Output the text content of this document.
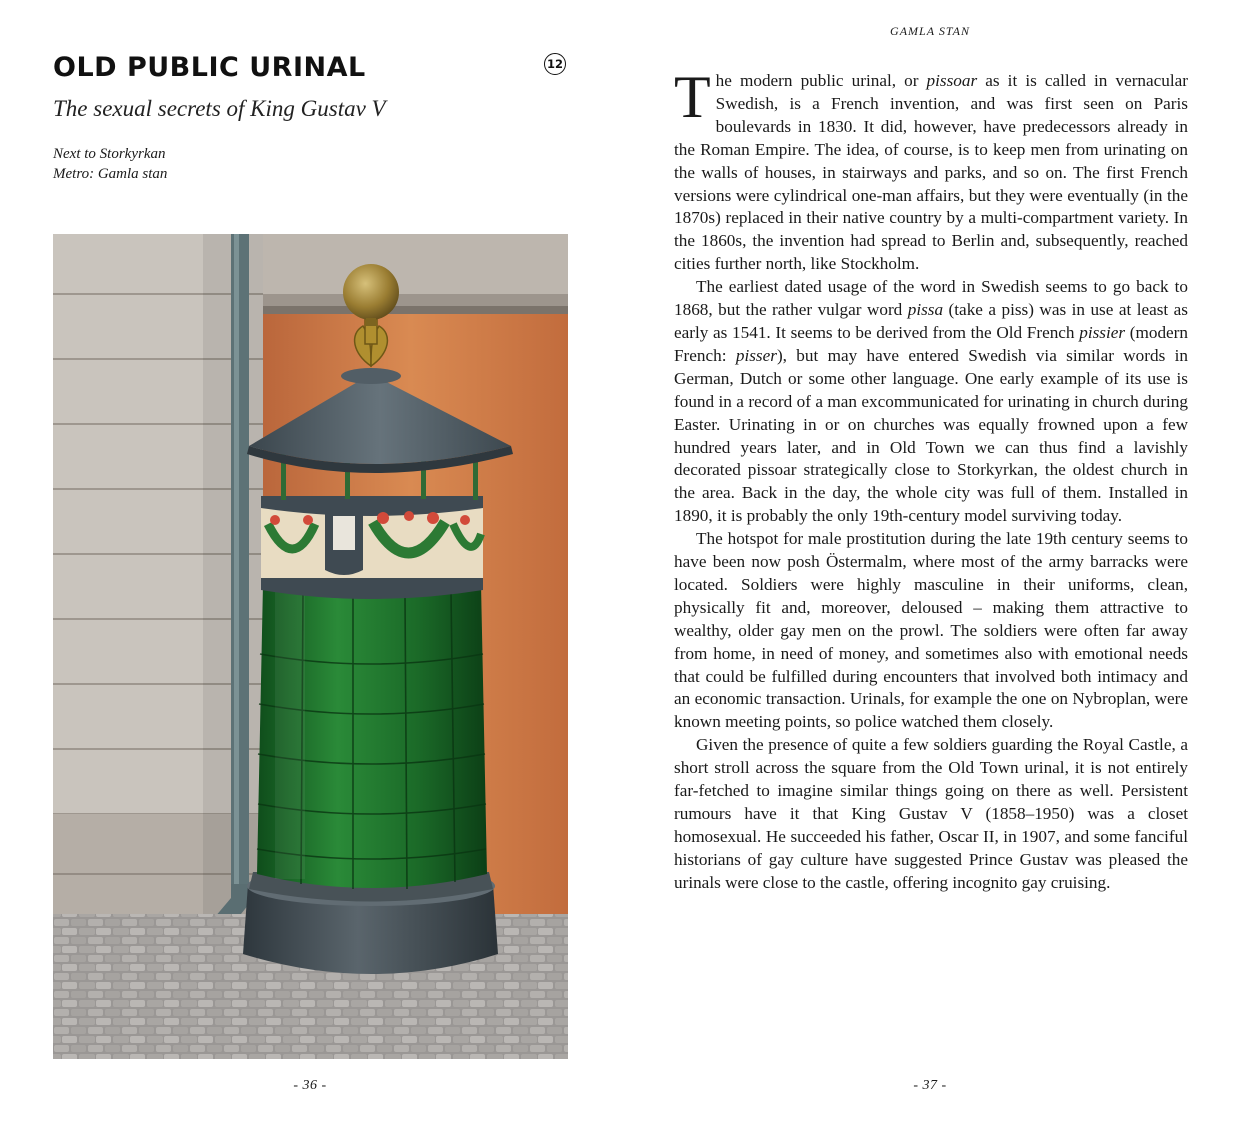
OLD PUBLIC URINAL	12
The sexual secrets of King Gustav V
Next to Storkyrkan
Metro: Gamla stan
- 36 -
GAMLA STAN

The modern public urinal, or pissoar as it is called in vernacular Swedish, is a French invention, and was first seen on Paris boulevards in 1830. It did, however, have predecessors already in the Roman Empire. The idea, of course, is to keep men from urinating on the walls of houses, in stairways and parks, and so on. The first French versions were cylindrical one-man affairs, but they were eventually (in the 1870s) replaced in their native country by a multi-compartment variety. In the 1860s, the invention had spread to Berlin and, subsequently, reached cities further north, like Stockholm.

The earliest dated usage of the word in Swedish seems to go back to 1868, but the rather vulgar word pissa (take a piss) was in use at least as early as 1541. It seems to be derived from the Old French pissier (modern French: pisser), but may have entered Swedish via similar words in German, Dutch or some other language. One early example of its use is found in a record of a man excommunicated for urinating in church during Easter. Urinating in or on churches was equally frowned upon a few hundred years later, and in Old Town we can thus find a lavishly decorated pissoar strategically close to Storkyrkan, the oldest church in the area. Back in the day, the whole city was full of them. Installed in 1890, it is probably the only 19th-century model surviving today.

The hotspot for male prostitution during the late 19th century seems to have been now posh Östermalm, where most of the army barracks were located. Soldiers were highly masculine in their uniforms, clean, physically fit and, moreover, deloused – making them attractive to wealthy, older gay men on the prowl. The soldiers were often far away from home, in need of money, and sometimes also with emotional needs that could be fulfilled during encounters that involved both intimacy and an economic transaction. Urinals, for example the one on Nybroplan, were known meeting points, so police watched them closely.

Given the presence of quite a few soldiers guarding the Royal Castle, a short stroll across the square from the Old Town urinal, it is not entirely far-fetched to imagine similar things going on there as well. Persistent rumours have it that King Gustav V (1858–1950) was a closet homosexual. He succeeded his father, Oscar II, in 1907, and some fanciful historians of gay culture have suggested Prince Gustav was pleased the urinals were close to the castle, offering incognito gay cruising.

- 37 -
